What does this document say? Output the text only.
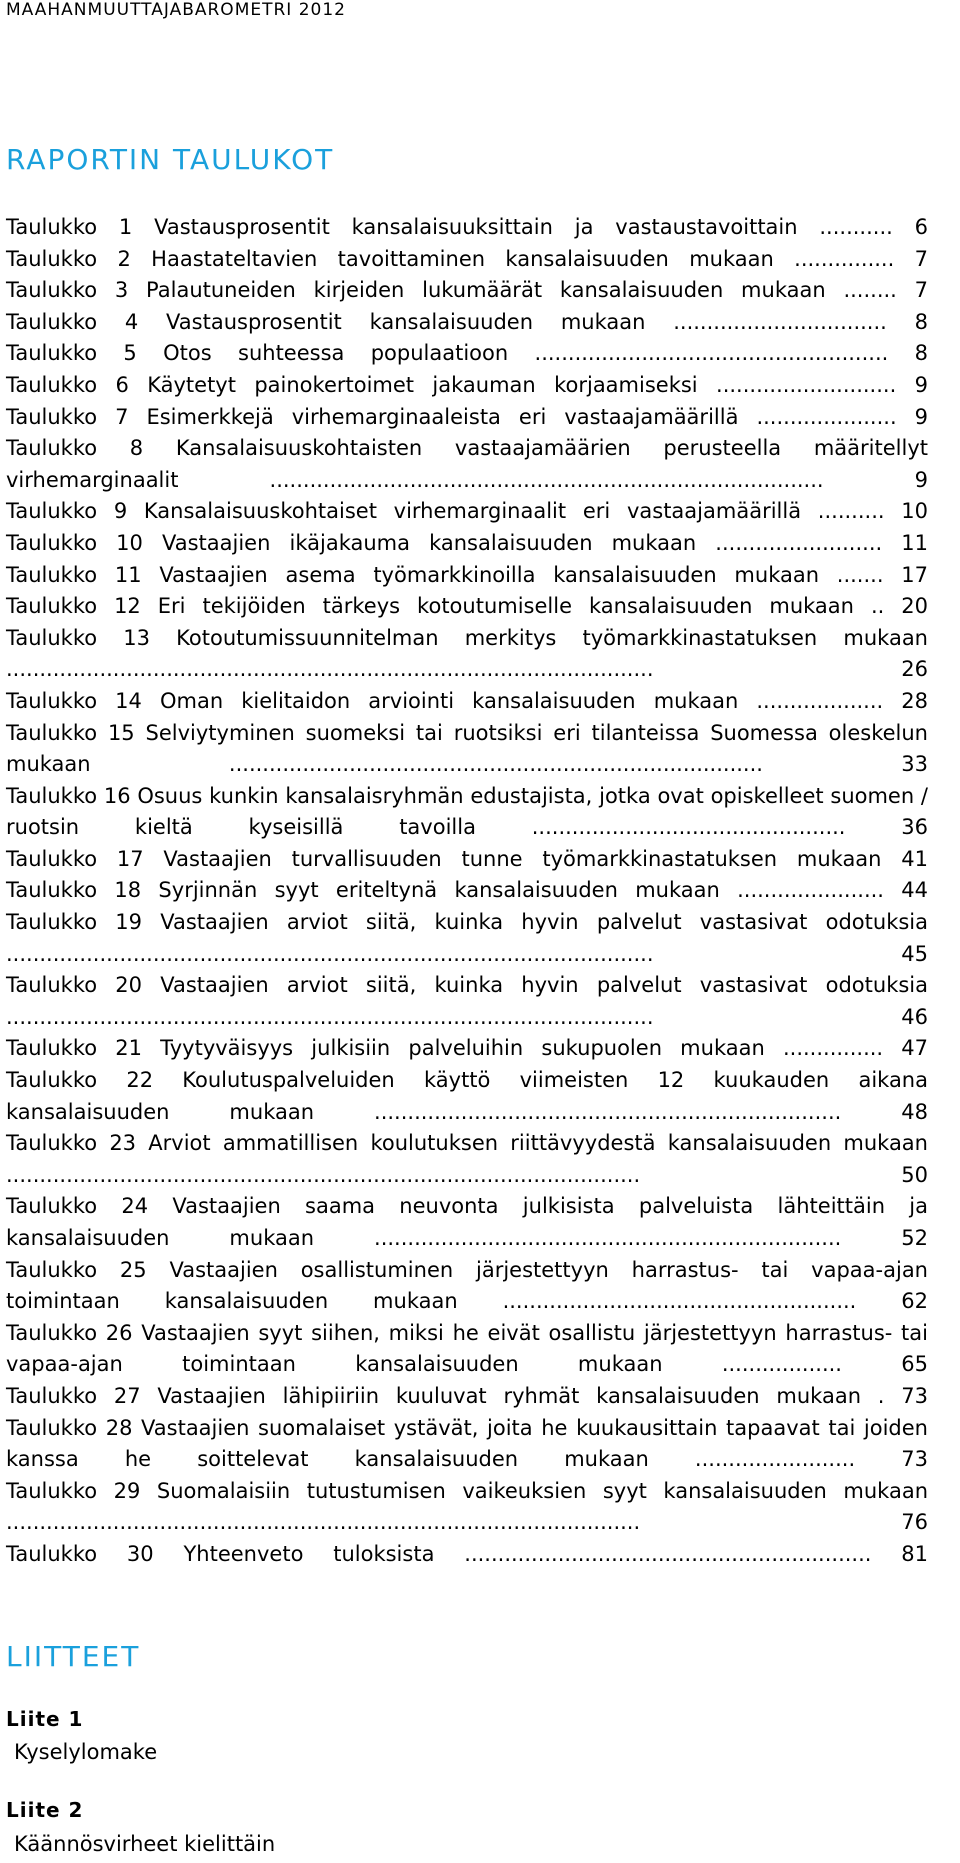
MAAHANMUUTTAJABAROMETRI 2012
RAPORTIN TAULUKOT
Taulukko 1 Vastausprosentit kansalaisuuksittain ja vastaustavoittain ........... 6
Taulukko 2 Haastateltavien tavoittaminen kansalaisuuden mukaan ............... 7
Taulukko 3 Palautuneiden kirjeiden lukumäärät kansalaisuuden mukaan ........ 7
Taulukko 4 Vastausprosentit kansalaisuuden mukaan ................................ 8
Taulukko 5 Otos suhteessa populaatioon ..................................................... 8
Taulukko 6 Käytetyt painokertoimet jakauman korjaamiseksi ........................... 9
Taulukko 7 Esimerkkejä virhemarginaaleista eri vastaajamäärillä ..................... 9
Taulukko 8 Kansalaisuuskohtaisten vastaajamäärien perusteella määritellyt virhemarginaalit ................................................................................... 9
Taulukko 9 Kansalaisuuskohtaiset virhemarginaalit eri vastaajamäärillä .......... 10
Taulukko 10 Vastaajien ikäjakauma kansalaisuuden mukaan ......................... 11
Taulukko 11 Vastaajien asema työmarkkinoilla kansalaisuuden mukaan ....... 17
Taulukko 12 Eri tekijöiden tärkeys kotoutumiselle kansalaisuuden mukaan .. 20
Taulukko 13 Kotoutumissuunnitelman merkitys työmarkkinastatuksen mukaan ................................................................................................. 26
Taulukko 14 Oman kielitaidon arviointi kansalaisuuden mukaan ................... 28
Taulukko 15 Selviytyminen suomeksi tai ruotsiksi eri tilanteissa Suomessa oleskelun mukaan ................................................................................ 33
Taulukko 16 Osuus kunkin kansalaisryhmän edustajista, jotka ovat opiskelleet suomen / ruotsin kieltä kyseisillä tavoilla ............................................... 36
Taulukko 17 Vastaajien turvallisuuden tunne työmarkkinastatuksen mukaan 41
Taulukko 18 Syrjinnän syyt eriteltynä kansalaisuuden mukaan ...................... 44
Taulukko 19 Vastaajien arviot siitä, kuinka hyvin palvelut vastasivat odotuksia ................................................................................................. 45
Taulukko 20 Vastaajien arviot siitä, kuinka hyvin palvelut vastasivat odotuksia ................................................................................................. 46
Taulukko 21 Tyytyväisyys julkisiin palveluihin sukupuolen mukaan ............... 47
Taulukko 22 Koulutuspalveluiden käyttö viimeisten 12 kuukauden aikana kansalaisuuden mukaan ...................................................................... 48
Taulukko 23 Arviot ammatillisen koulutuksen riittävyydestä kansalaisuuden mukaan ............................................................................................... 50
Taulukko 24 Vastaajien saama neuvonta julkisista palveluista lähteittäin ja kansalaisuuden mukaan ...................................................................... 52
Taulukko 25 Vastaajien osallistuminen järjestettyyn harrastus- tai vapaa-ajan toimintaan kansalaisuuden mukaan ..................................................... 62
Taulukko 26 Vastaajien syyt siihen, miksi he eivät osallistu järjestettyyn harrastus- tai vapaa-ajan toimintaan kansalaisuuden mukaan .................. 65
Taulukko 27 Vastaajien lähipiiriin kuuluvat ryhmät kansalaisuuden mukaan . 73
Taulukko 28 Vastaajien suomalaiset ystävät, joita he kuukausittain tapaavat tai joiden kanssa he soittelevat kansalaisuuden mukaan ........................ 73
Taulukko 29 Suomalaisiin tutustumisen vaikeuksien syyt kansalaisuuden mukaan ............................................................................................... 76
Taulukko 30 Yhteenveto tuloksista ............................................................. 81
LIITTEET
Liite 1
Kyselylomake
Liite 2
Käännösvirheet kielittäin
